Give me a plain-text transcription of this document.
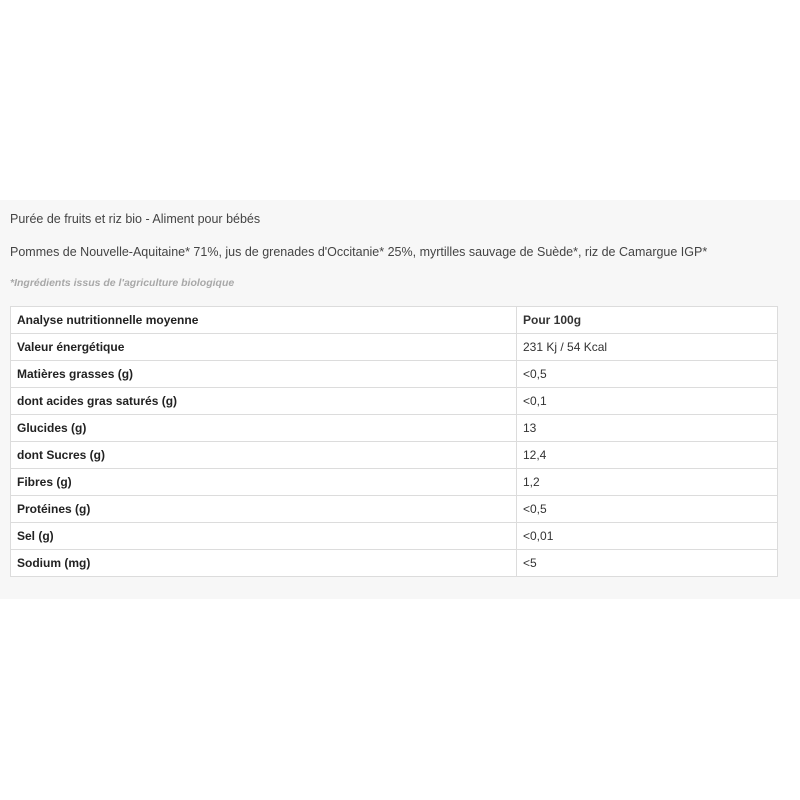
Purée de fruits et riz bio - Aliment pour bébés
Pommes de Nouvelle-Aquitaine* 71%, jus de grenades d'Occitanie* 25%, myrtilles sauvage de Suède*, riz de Camargue IGP*
*Ingrédients issus de l'agriculture biologique
Analyse nutritionnelle moyenne	Pour 100g
Valeur énergétique	231 Kj / 54 Kcal
Matières grasses (g)	<0,5
dont acides gras saturés (g)	<0,1
Glucides (g)	13
dont Sucres (g)	12,4
Fibres (g)	1,2
Protéines (g)	<0,5
Sel (g)	<0,01
Sodium (mg)	<5
